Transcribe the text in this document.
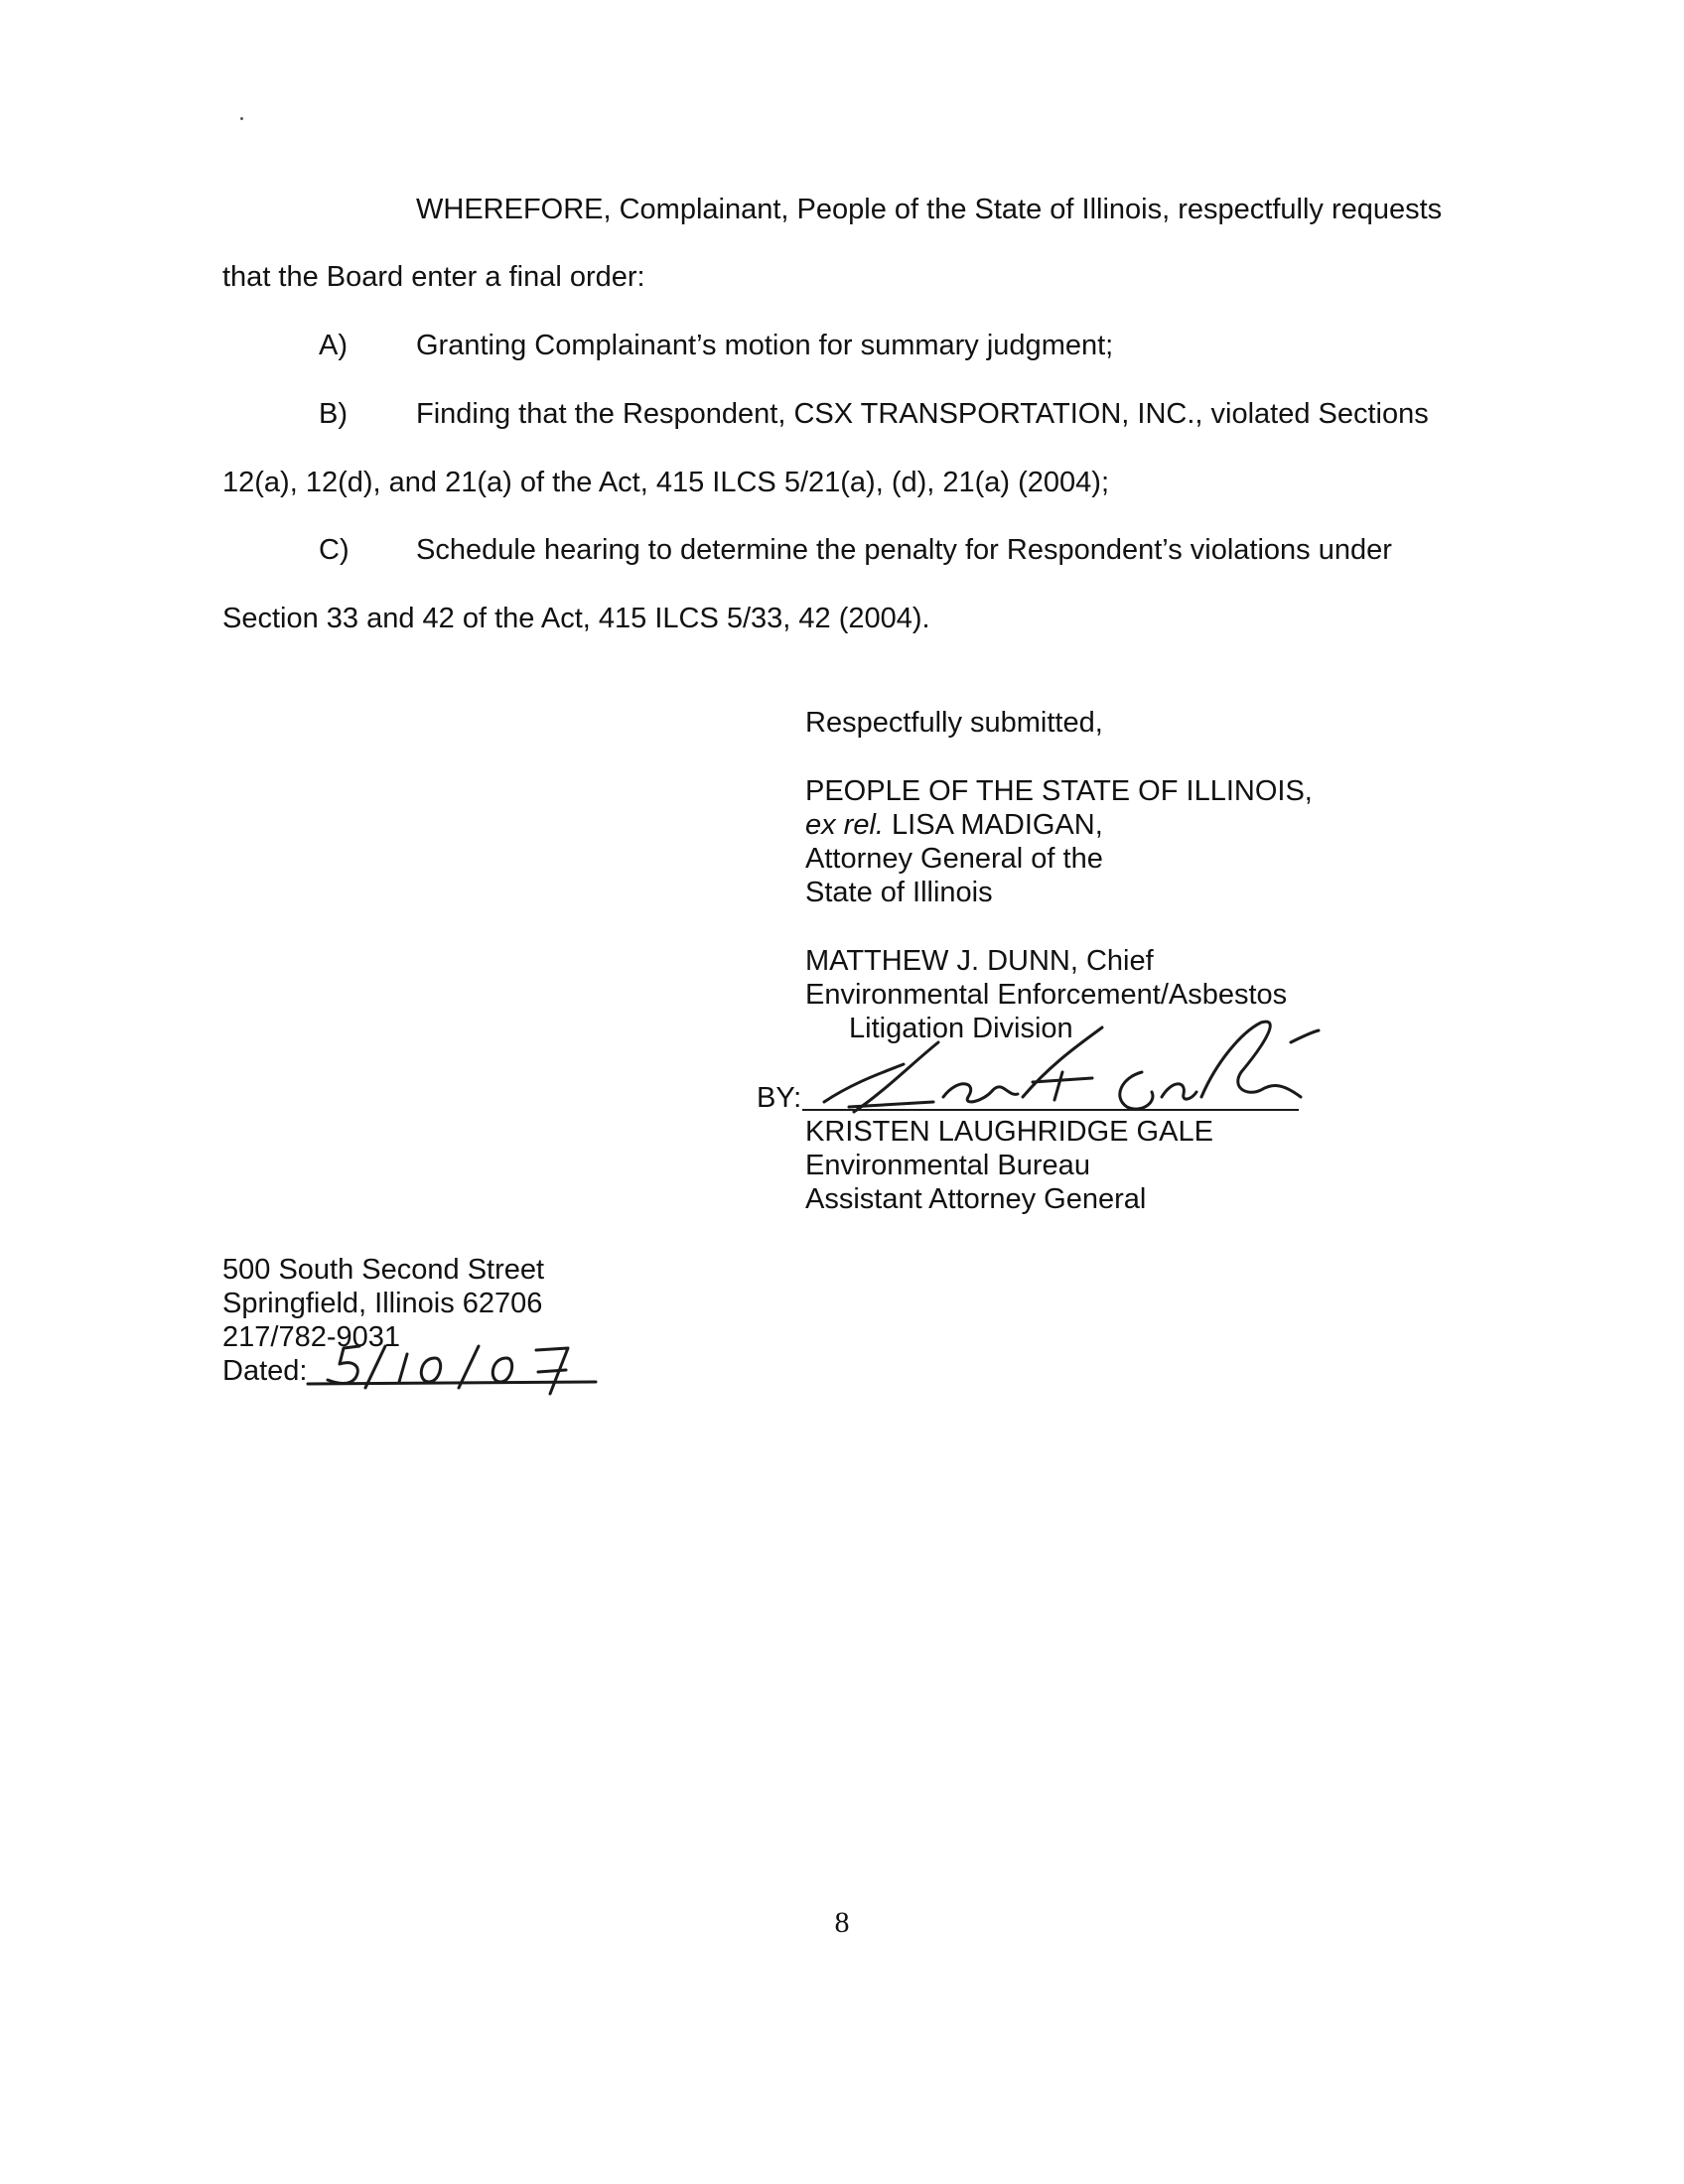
WHEREFORE, Complainant, People of the State of Illinois, respectfully requests
that the Board enter a final order:
A) Granting Complainant’s motion for summary judgment;
B) Finding that the Respondent, CSX TRANSPORTATION, INC., violated Sections
12(a), 12(d), and 21(a) of the Act, 415 ILCS 5/21(a), (d), 21(a) (2004);
C) Schedule hearing to determine the penalty for Respondent’s violations under
Section 33 and 42 of the Act, 415 ILCS 5/33, 42 (2004).
Respectfully submitted,
PEOPLE OF THE STATE OF ILLINOIS,
ex rel. LISA MADIGAN,
Attorney General of the
State of Illinois
MATTHEW J. DUNN, Chief
Environmental Enforcement/Asbestos
Litigation Division
BY:
KRISTEN LAUGHRIDGE GALE
Environmental Bureau
Assistant Attorney General
500 South Second Street
Springfield, Illinois 62706
217/782-9031
Dated:
8
